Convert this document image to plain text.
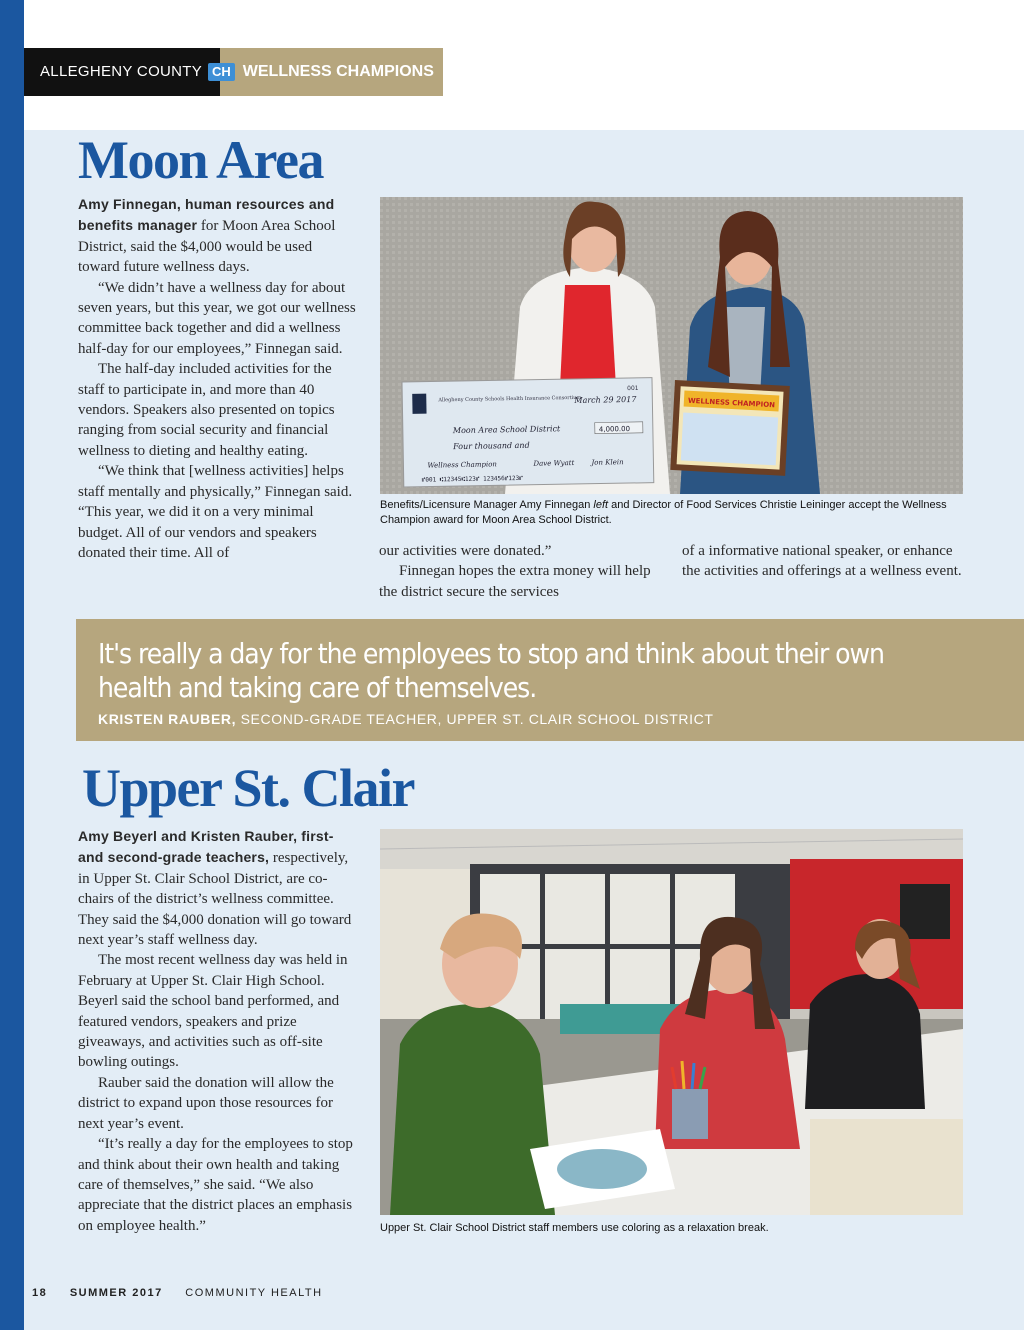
ALLEGHENY COUNTY CH WELLNESS CHAMPIONS
Moon Area

Amy Finnegan, human resources and benefits manager for Moon Area School District, said the $4,000 would be used toward future wellness days.

“We didn’t have a wellness day for about seven years, but this year, we got our wellness committee back together and did a wellness half-day for our employees,” Finnegan said.

The half-day included activities for the staff to participate in, and more than 40 vendors. Speakers also presented on topics ranging from social security and financial wellness to dieting and healthy eating.

“We think that [wellness activities] helps staff mentally and physically,” Finnegan said. “This year, we did it on a very minimal budget. All of our vendors and speakers donated their time. All of

Allegheny County Schools Health Insurance Consortium
March 29 2017
001
Moon Area School District	4,000.00
Four thousand and
Wellness Champion	Dave Wyatt Jon Klein
⑈001 ⑆12345⑆123⑈ 123456⑈123⑈
WELLNESS CHAMPION
Benefits/Licensure Manager Amy Finnegan left and Director of Food Services Christie Leininger accept the Wellness Champion award for Moon Area School District.

our activities were donated.”

Finnegan hopes the extra money will help the district secure the services

of a informative national speaker, or enhance the activities and offerings at a wellness event.

It's really a day for the employees to stop and think about their own health and taking care of themselves.
KRISTEN RAUBER, SECOND-GRADE TEACHER, UPPER ST. CLAIR SCHOOL DISTRICT
Upper St. Clair

Amy Beyerl and Kristen Rauber, first- and second-grade teachers, respectively, in Upper St. Clair School District, are co-chairs of the district’s wellness committee. They said the $4,000 donation will go toward next year’s staff wellness day.

The most recent wellness day was held in February at Upper St. Clair High School. Beyerl said the school band performed, and featured vendors, speakers and prize giveaways, and activities such as off-site bowling outings.

Rauber said the donation will allow the district to expand upon those resources for next year’s event.

“It’s really a day for the employees to stop and think about their own health and taking care of themselves,” she said. “We also appreciate that the district places an emphasis on employee health.”	Upper St. Clair School District staff members use coloring as a relaxation break.
18 SUMMER 2017 COMMUNITY HEALTH
